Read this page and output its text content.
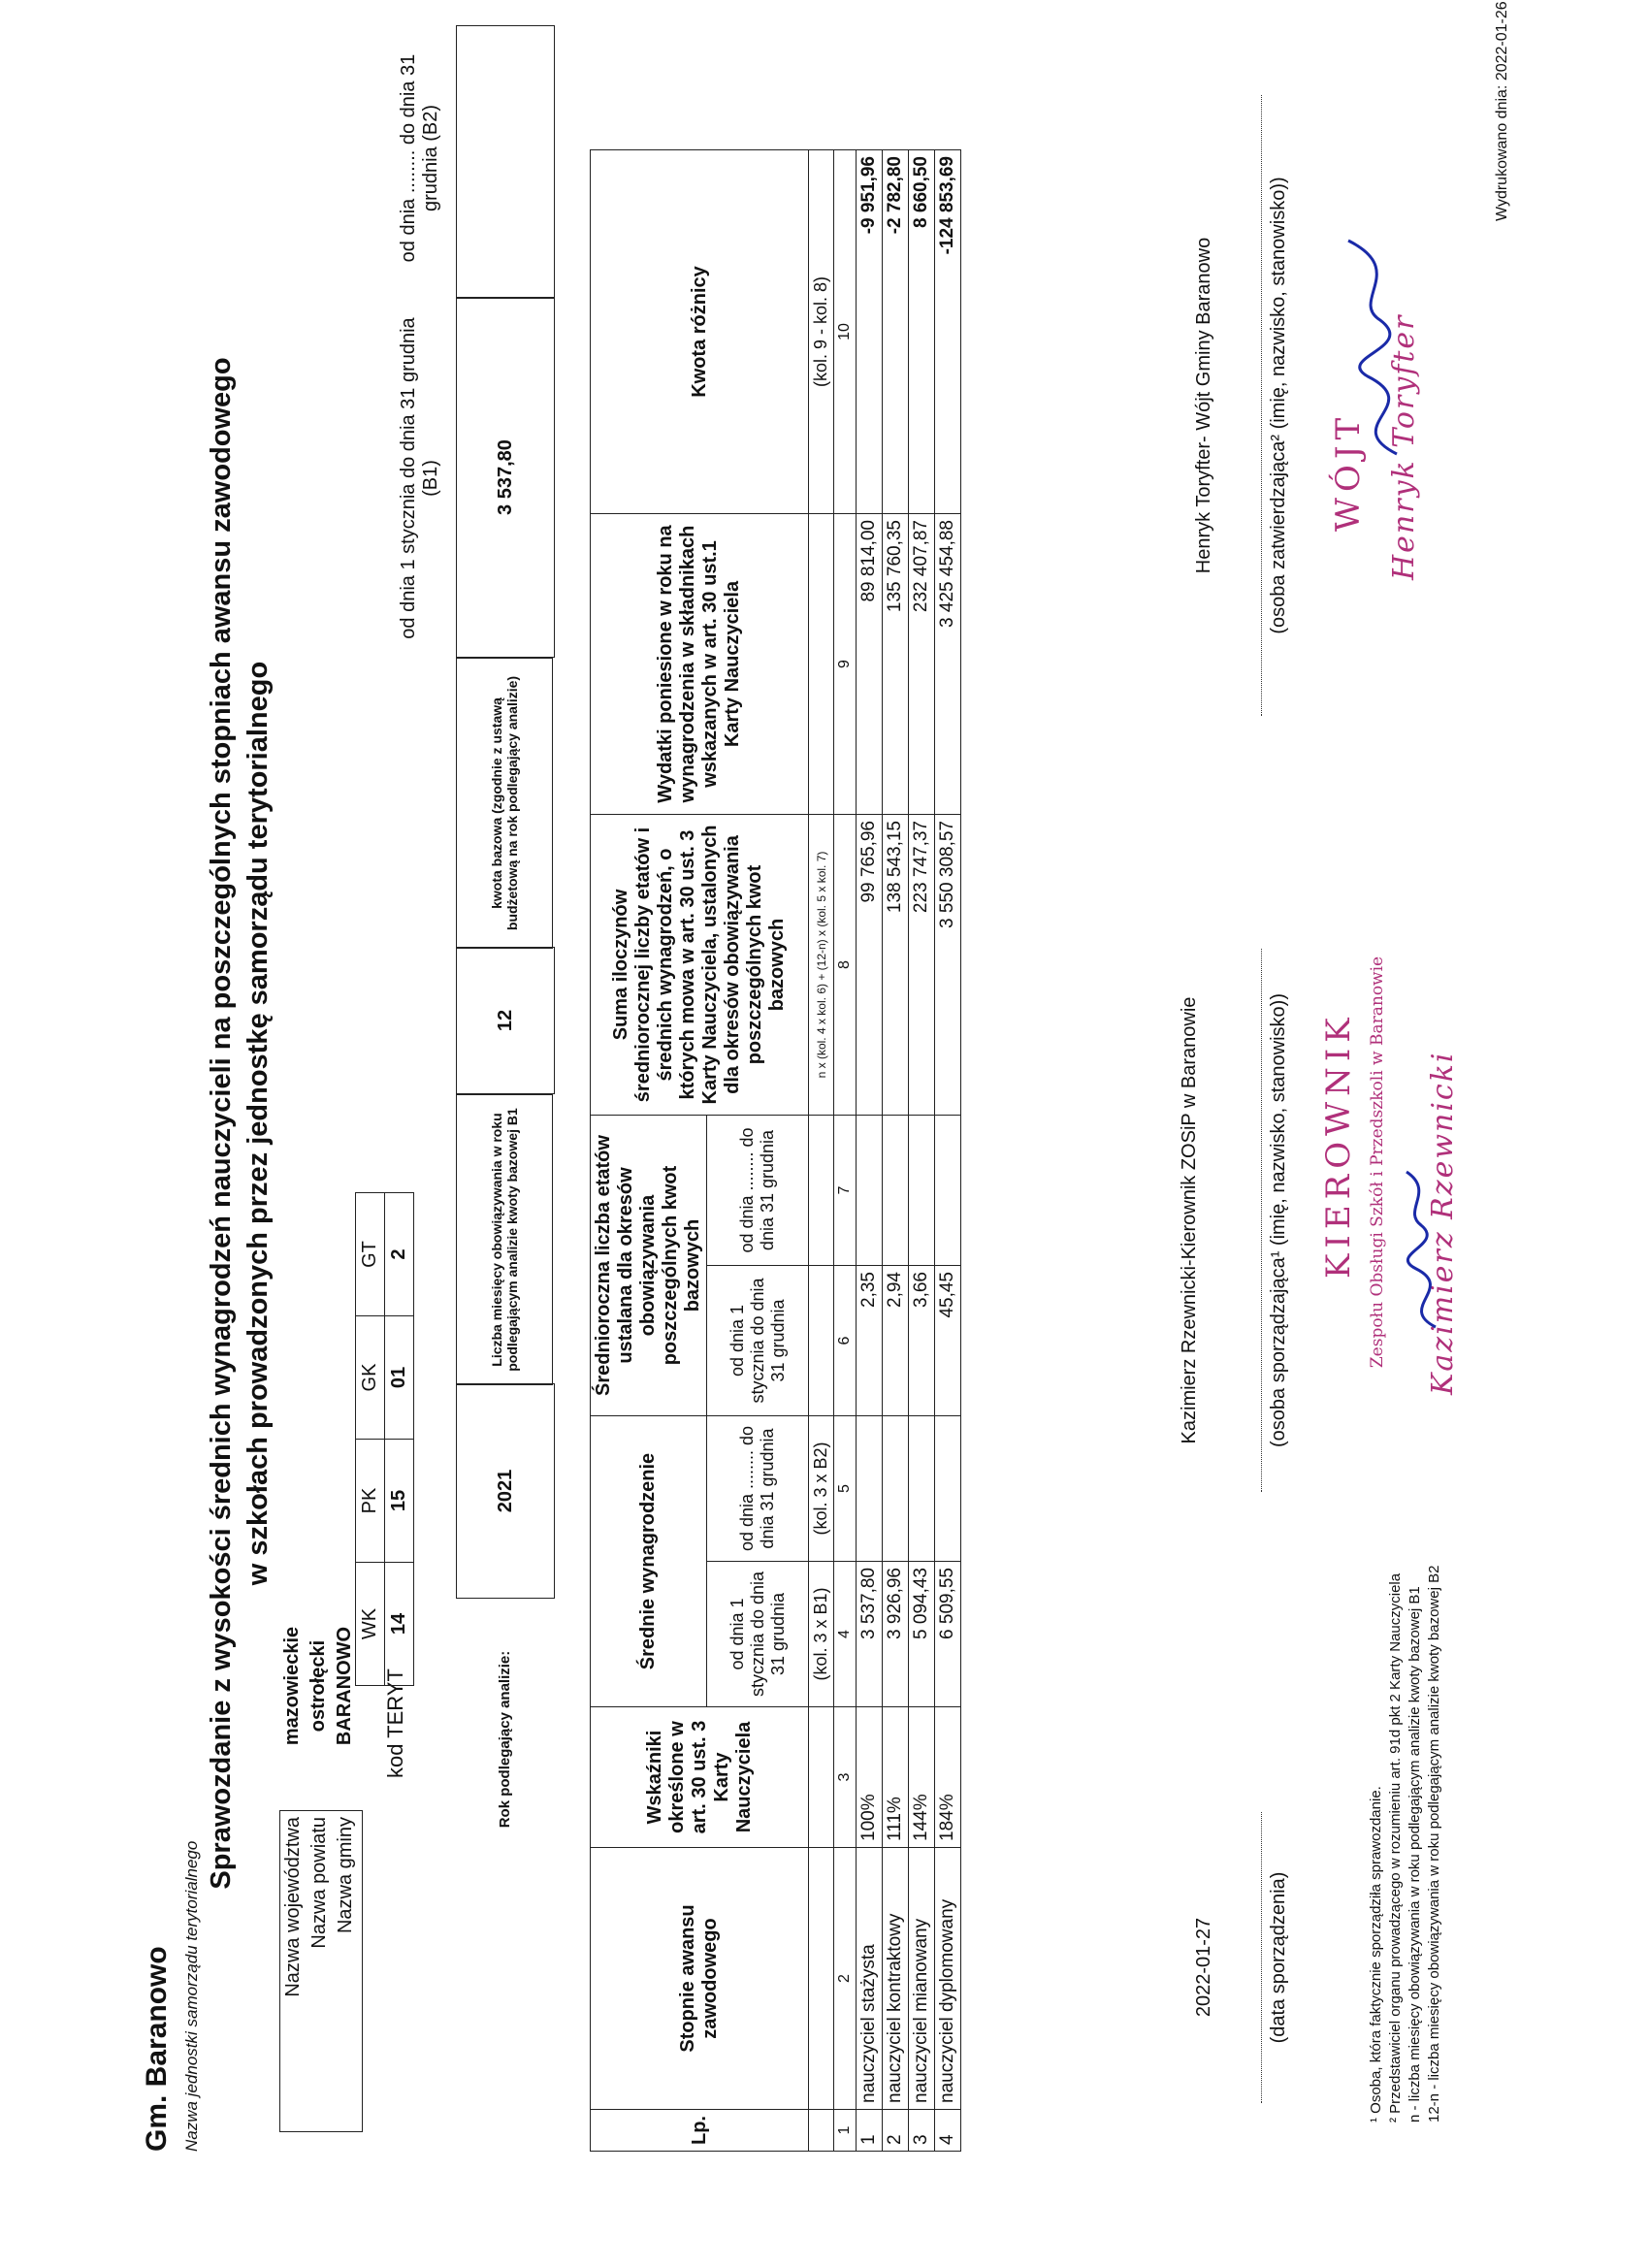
Gm. Baranowo Nazwa jednostki samorządu terytorialnego
Sprawozdanie z wysokości średnich wynagrodzeń nauczycieli na poszczególnych stopniach awansu zawodowego w szkołach prowadzonych przez jednostkę samorządu terytorialnego
Nazwa województwa Nazwa powiatu Nazwa gminy
mazowieckie ostrołęcki BARANOWO kod TERYT
WK	PK	GK	GT
14	15	01	2
Rok podlegający analizie:
2021
Liczba miesięcy obowiązywania w roku podlegającym analizie kwoty bazowej B1
12
kwota bazowa (zgodnie z ustawą budżetową na rok podlegający analizie)
od dnia 1 stycznia do dnia 31 grudnia (B1)	3 537,80
od dnia ........ do dnia 31 grudnia (B2)
Lp.	Stopnie awansu zawodowego	Wskaźniki określone w art. 30 ust. 3 Karty Nauczyciela	Średnie wynagrodzenie		Średnioroczna liczba etatów ustalana dla okresów obowiązywania poszczególnych kwot bazowych		Suma iloczynów średniorocznej liczby etatów i średnich wynagrodzeń, o których mowa w art. 30 ust. 3 Karty Nauczyciela, ustalonych dla okresów obowiązywania poszczególnych kwot bazowych	Wydatki poniesione w roku na wynagrodzenia w składnikach wskazanych w art. 30 ust.1 Karty Nauczyciela	Kwota różnicy
			od dnia 1 stycznia do dnia 31 grudnia	od dnia ........ do dnia 31 grudnia	od dnia 1 stycznia do dnia 31 grudnia	od dnia ........ do dnia 31 grudnia			
			(kol. 3 x B1)	(kol. 3 x B2)			n x (kol. 4 x kol. 6) + (12-n) x (kol. 5 x kol. 7)		(kol. 9 - kol. 8)
1	2	3	4	5	6	7	8	9	10
1	nauczyciel stażysta	100%	3 537,80		2,35		99 765,96	89 814,00	-9 951,96
2	nauczyciel kontraktowy	111%	3 926,96		2,94		138 543,15	135 760,35	-2 782,80
3	nauczyciel mianowany	144%	5 094,43		3,66		223 747,37	232 407,87	8 660,50
4	nauczyciel dyplomowany	184%	6 509,55		45,45		3 550 308,57	3 425 454,88	-124 853,69
2022-01-27	(data sporządzenia)
Kazimierz Rzewnicki-Kierownik ZOSiP w Baranowie	(osoba sporządzająca¹ (imię, nazwisko, stanowisko))
Henryk Toryfter- Wójt Gminy Baranowo	(osoba zatwierdzająca² (imię, nazwisko, stanowisko))
KIEROWNIK Zespołu Obsługi Szkół i Przedszkoli w Baranowie Kazimierz Rzewnicki
WÓJT Henryk Toryfter
Wydrukowano dnia: 2022-01-26
¹ Osoba, która faktycznie sporządziła sprawozdanie. ² Przedstawiciel organu prowadzącego w rozumieniu art. 91d pkt 2 Karty Nauczyciela n - liczba miesięcy obowiązywania w roku podlegającym analizie kwoty bazowej B1 12-n - liczba miesięcy obowiązywania w roku podlegającym analizie kwoty bazowej B2
